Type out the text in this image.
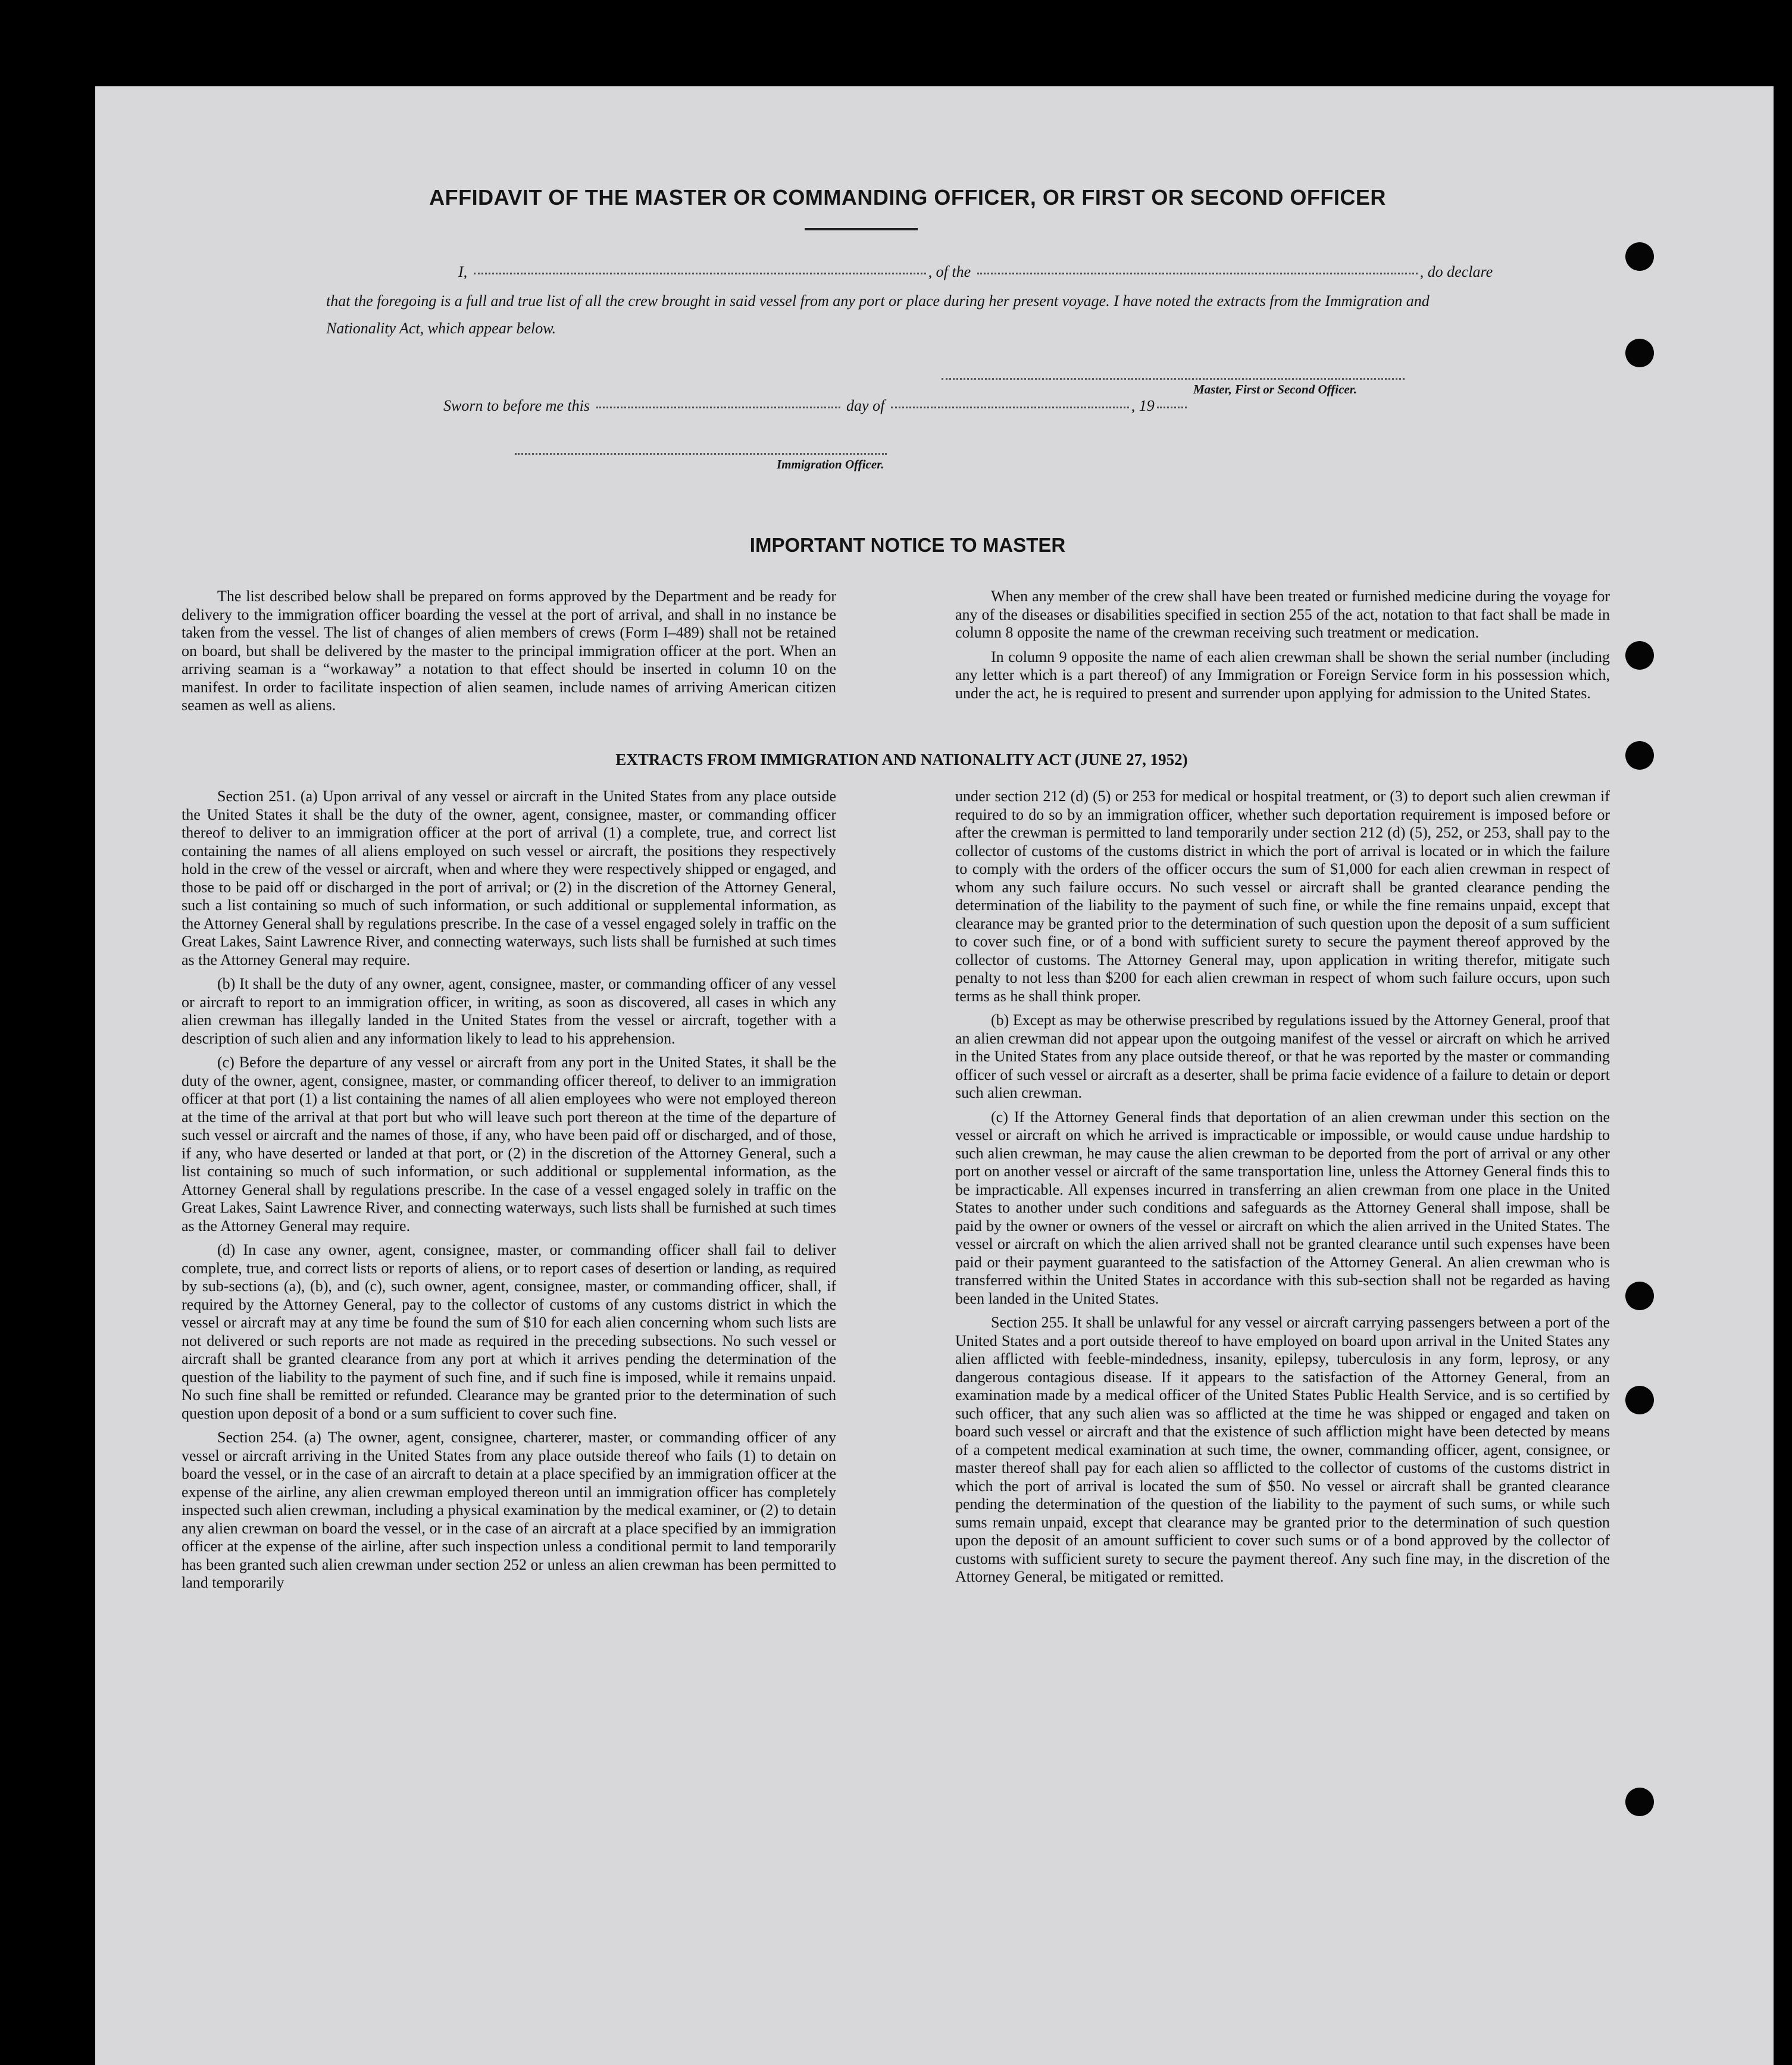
AFFIDAVIT OF THE MASTER OR COMMANDING OFFICER, OR FIRST OR SECOND OFFICER
I,	, of the	, do declare

that the foregoing is a full and true list of all the crew brought in said vessel from any port or place during her present voyage. I have noted the extracts from the Immigration and Nationality Act, which appear below.

Master, First or Second Officer.
Sworn to before me this	day of	, 19
Immigration Officer.
IMPORTANT NOTICE TO MASTER

The list described below shall be prepared on forms approved by the Department and be ready for delivery to the immigration officer boarding the vessel at the port of arrival, and shall in no instance be taken from the vessel. The list of changes of alien members of crews (Form I–489) shall not be retained on board, but shall be delivered by the master to the principal immigration officer at the port. When an arriving seaman is a “workaway” a notation to that effect should be inserted in column 10 on the manifest. In order to facilitate inspection of alien seamen, include names of arriving American citizen seamen as well as aliens.

When any member of the crew shall have been treated or furnished medicine during the voyage for any of the diseases or disabilities specified in section 255 of the act, notation to that fact shall be made in column 8 opposite the name of the crewman receiving such treatment or medication.

In column 9 opposite the name of each alien crewman shall be shown the serial number (including any letter which is a part thereof) of any Immigration or Foreign Service form in his possession which, under the act, he is required to present and surrender upon applying for admission to the United States.

EXTRACTS FROM IMMIGRATION AND NATIONALITY ACT (JUNE 27, 1952)

Section 251. (a) Upon arrival of any vessel or aircraft in the United States from any place outside the United States it shall be the duty of the owner, agent, consignee, master, or commanding officer thereof to deliver to an immigration officer at the port of arrival (1) a complete, true, and correct list containing the names of all aliens employed on such vessel or aircraft, the positions they respectively hold in the crew of the vessel or aircraft, when and where they were respectively shipped or engaged, and those to be paid off or discharged in the port of arrival; or (2) in the discretion of the Attorney General, such a list containing so much of such information, or such additional or supplemental information, as the Attorney General shall by regulations prescribe. In the case of a vessel engaged solely in traffic on the Great Lakes, Saint Lawrence River, and connecting waterways, such lists shall be furnished at such times as the Attorney General may require.

(b) It shall be the duty of any owner, agent, consignee, master, or commanding officer of any vessel or aircraft to report to an immigration officer, in writing, as soon as discovered, all cases in which any alien crewman has illegally landed in the United States from the vessel or aircraft, together with a description of such alien and any information likely to lead to his apprehension.

(c) Before the departure of any vessel or aircraft from any port in the United States, it shall be the duty of the owner, agent, consignee, master, or commanding officer thereof, to deliver to an immigration officer at that port (1) a list containing the names of all alien employees who were not employed thereon at the time of the arrival at that port but who will leave such port thereon at the time of the departure of such vessel or aircraft and the names of those, if any, who have been paid off or discharged, and of those, if any, who have deserted or landed at that port, or (2) in the discretion of the Attorney General, such a list containing so much of such information, or such additional or supplemental information, as the Attorney General shall by regulations prescribe. In the case of a vessel engaged solely in traffic on the Great Lakes, Saint Lawrence River, and connecting waterways, such lists shall be furnished at such times as the Attorney General may require.

(d) In case any owner, agent, consignee, master, or commanding officer shall fail to deliver complete, true, and correct lists or reports of aliens, or to report cases of desertion or landing, as required by sub-sections (a), (b), and (c), such owner, agent, consignee, master, or commanding officer, shall, if required by the Attorney General, pay to the collector of customs of any customs district in which the vessel or aircraft may at any time be found the sum of $10 for each alien concerning whom such lists are not delivered or such reports are not made as required in the preceding subsections. No such vessel or aircraft shall be granted clearance from any port at which it arrives pending the determination of the question of the liability to the payment of such fine, and if such fine is imposed, while it remains unpaid. No such fine shall be remitted or refunded. Clearance may be granted prior to the determination of such question upon deposit of a bond or a sum sufficient to cover such fine.

Section 254. (a) The owner, agent, consignee, charterer, master, or commanding officer of any vessel or aircraft arriving in the United States from any place outside thereof who fails (1) to detain on board the vessel, or in the case of an aircraft to detain at a place specified by an immigration officer at the expense of the airline, any alien crewman employed thereon until an immigration officer has completely inspected such alien crewman, including a physical examination by the medical examiner, or (2) to detain any alien crewman on board the vessel, or in the case of an aircraft at a place specified by an immigration officer at the expense of the airline, after such inspection unless a conditional permit to land temporarily has been granted such alien crewman under section 252 or unless an alien crewman has been permitted to land temporarily

under section 212 (d) (5) or 253 for medical or hospital treatment, or (3) to deport such alien crewman if required to do so by an immigration officer, whether such deportation requirement is imposed before or after the crewman is permitted to land temporarily under section 212 (d) (5), 252, or 253, shall pay to the collector of customs of the customs district in which the port of arrival is located or in which the failure to comply with the orders of the officer occurs the sum of $1,000 for each alien crewman in respect of whom any such failure occurs. No such vessel or aircraft shall be granted clearance pending the determination of the liability to the payment of such fine, or while the fine remains unpaid, except that clearance may be granted prior to the determination of such question upon the deposit of a sum sufficient to cover such fine, or of a bond with sufficient surety to secure the payment thereof approved by the collector of customs. The Attorney General may, upon application in writing therefor, mitigate such penalty to not less than $200 for each alien crewman in respect of whom such failure occurs, upon such terms as he shall think proper.

(b) Except as may be otherwise prescribed by regulations issued by the Attorney General, proof that an alien crewman did not appear upon the outgoing manifest of the vessel or aircraft on which he arrived in the United States from any place outside thereof, or that he was reported by the master or commanding officer of such vessel or aircraft as a deserter, shall be prima facie evidence of a failure to detain or deport such alien crewman.

(c) If the Attorney General finds that deportation of an alien crewman under this section on the vessel or aircraft on which he arrived is impracticable or impossible, or would cause undue hardship to such alien crewman, he may cause the alien crewman to be deported from the port of arrival or any other port on another vessel or aircraft of the same transportation line, unless the Attorney General finds this to be impracticable. All expenses incurred in transferring an alien crewman from one place in the United States to another under such conditions and safeguards as the Attorney General shall impose, shall be paid by the owner or owners of the vessel or aircraft on which the alien arrived in the United States. The vessel or aircraft on which the alien arrived shall not be granted clearance until such expenses have been paid or their payment guaranteed to the satisfaction of the Attorney General. An alien crewman who is transferred within the United States in accordance with this sub-section shall not be regarded as having been landed in the United States.

Section 255. It shall be unlawful for any vessel or aircraft carrying passengers between a port of the United States and a port outside thereof to have employed on board upon arrival in the United States any alien afflicted with feeble-mindedness, insanity, epilepsy, tuberculosis in any form, leprosy, or any dangerous contagious disease. If it appears to the satisfaction of the Attorney General, from an examination made by a medical officer of the United States Public Health Service, and is so certified by such officer, that any such alien was so afflicted at the time he was shipped or engaged and taken on board such vessel or aircraft and that the existence of such affliction might have been detected by means of a competent medical examination at such time, the owner, commanding officer, agent, consignee, or master thereof shall pay for each alien so afflicted to the collector of customs of the customs district in which the port of arrival is located the sum of $50. No vessel or aircraft shall be granted clearance pending the determination of the question of the liability to the payment of such sums, or while such sums remain unpaid, except that clearance may be granted prior to the determination of such question upon the deposit of an amount sufficient to cover such sums or of a bond approved by the collector of customs with sufficient surety to secure the payment thereof. Any such fine may, in the discretion of the Attorney General, be mitigated or remitted.
